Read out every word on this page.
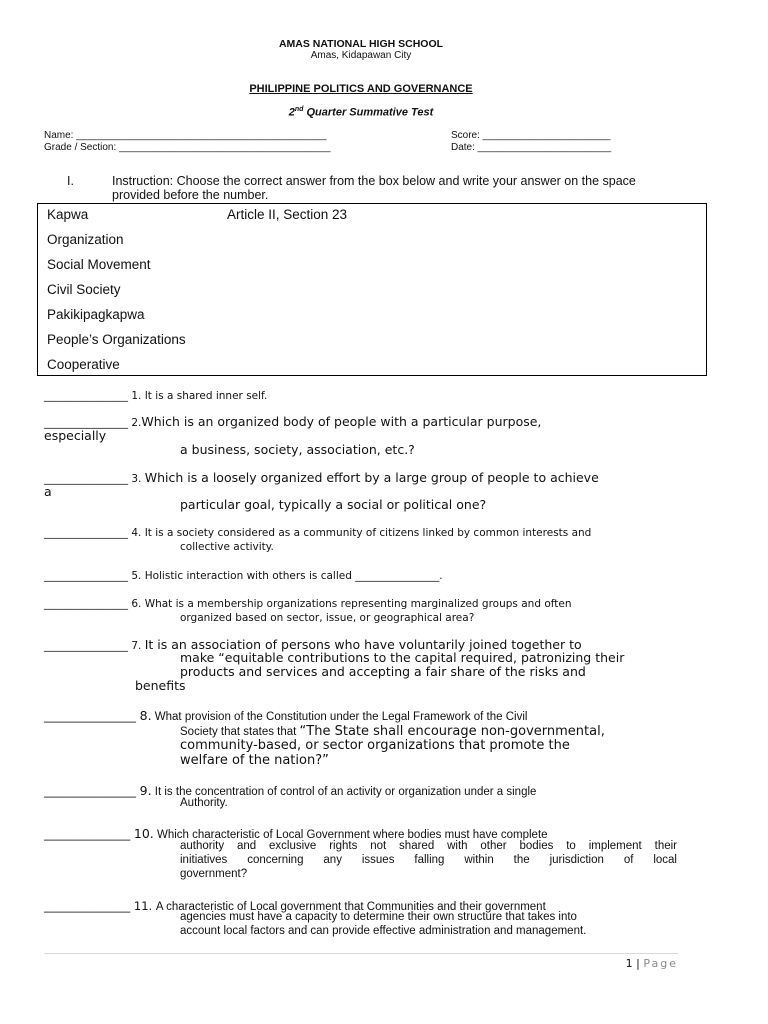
AMAS NATIONAL HIGH SCHOOL
Amas, Kidapawan City
PHILIPPINE POLITICS AND GOVERNANCE
2nd Quarter Summative Test
Name: _____________________________________________
Grade / Section: ______________________________________
Score: _______________________
Date: ________________________
I.	Instruction: Choose the correct answer from the box below and write your answer on the space provided before the number.
Kapwa	Article II, Section 23
Organization
Social Movement
Civil Society
Pakikipagkapwa
People’s Organizations
Cooperative
________________ 1. It is a shared inner self.
________________ 2.Which is an organized body of people with a particular purpose,
especially
a business, society, association, etc.?
________________ 3. Which is a loosely organized effort by a large group of people to achieve
a
particular goal, typically a social or political one?
________________ 4. It is a society considered as a community of citizens linked by common interests and
collective activity.
________________ 5. Holistic interaction with others is called ________________.
________________ 6. What is a membership organizations representing marginalized groups and often
organized based on sector, issue, or geographical area?
________________ 7. It is an association of persons who have voluntarily joined together to
make “equitable contributions to the capital required, patronizing their
products and services and accepting a fair share of the risks and
benefits
________________ 8. What provision of the Constitution under the Legal Framework of the Civil
Society that states that “The State shall encourage non-governmental,
community-based, or sector organizations that promote the
welfare of the nation?”
________________ 9. It is the concentration of control of an activity or organization under a single
Authority.
_______________ 10. Which characteristic of Local Government where bodies must have complete
authority and exclusive rights not shared with other bodies to implement their
initiatives concerning any issues falling within the jurisdiction of local
government?
_______________ 11. A characteristic of Local government that Communities and their government
agencies must have a capacity to determine their own structure that takes into
account local factors and can provide effective administration and management.
1 | Page
